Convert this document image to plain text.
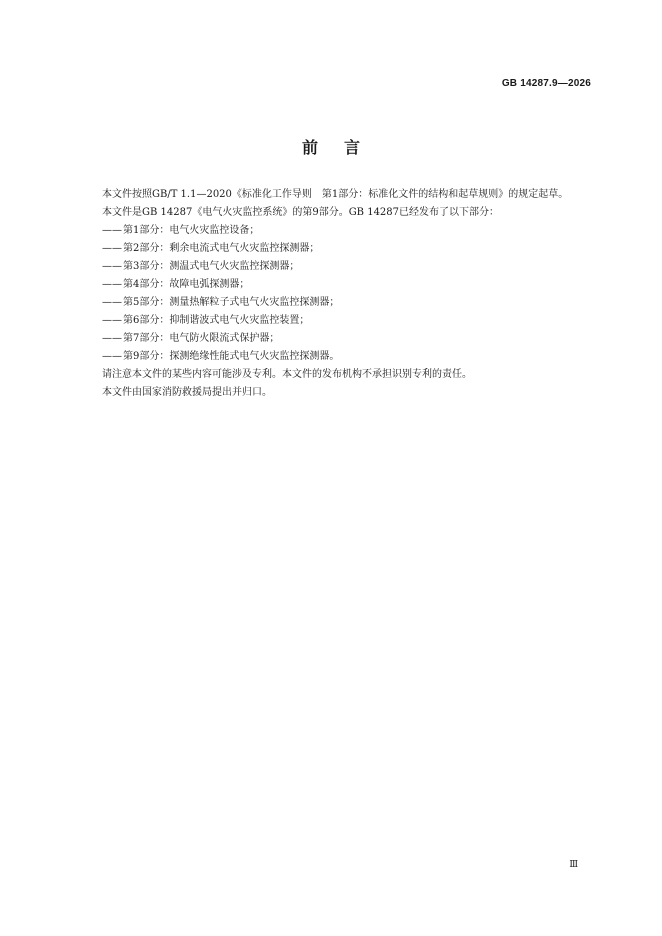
GB 14287.9—2026

前言

本文件按照GB/T 1.1—2020《标准化工作导则　第1部分：标准化文件的结构和起草规则》的规定起草。

本文件是GB 14287《电气火灾监控系统》的第9部分。GB 14287已经发布了以下部分：

——第1部分：电气火灾监控设备；
——第2部分：剩余电流式电气火灾监控探测器；
——第3部分：测温式电气火灾监控探测器；
——第4部分：故障电弧探测器；
——第5部分：测量热解粒子式电气火灾监控探测器；
——第6部分：抑制谐波式电气火灾监控装置；
——第7部分：电气防火限流式保护器；
——第9部分：探测绝缘性能式电气火灾监控探测器。

请注意本文件的某些内容可能涉及专利。本文件的发布机构不承担识别专利的责任。

本文件由国家消防救援局提出并归口。

Ⅲ
